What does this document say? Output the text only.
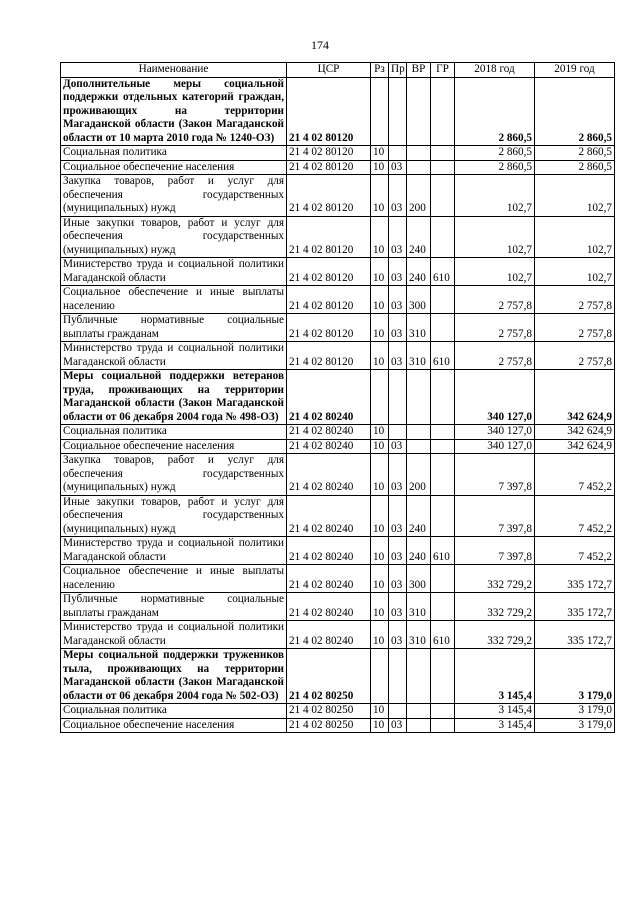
174
Наименование	ЦСР	Рз	Пр	ВР	ГР	2018 год	2019 год
Дополнительные меры социальной поддержки отдельных категорий граждан, проживающих на территории Магаданской области (Закон Магаданской области от 10 марта 2010 года № 1240-ОЗ)	21 4 02 80120					2 860,5	2 860,5
Социальная политика	21 4 02 80120	10				2 860,5	2 860,5
Социальное обеспечение населения	21 4 02 80120	10	03			2 860,5	2 860,5
Закупка товаров, работ и услуг для обеспечения государственных (муниципальных) нужд	21 4 02 80120	10	03	200		102,7	102,7
Иные закупки товаров, работ и услуг для обеспечения государственных (муниципальных) нужд	21 4 02 80120	10	03	240		102,7	102,7
Министерство труда и социальной политики Магаданской области	21 4 02 80120	10	03	240	610	102,7	102,7
Социальное обеспечение и иные выплаты населению	21 4 02 80120	10	03	300		2 757,8	2 757,8
Публичные нормативные социальные выплаты гражданам	21 4 02 80120	10	03	310		2 757,8	2 757,8
Министерство труда и социальной политики Магаданской области	21 4 02 80120	10	03	310	610	2 757,8	2 757,8
Меры социальной поддержки ветеранов труда, проживающих на территории Магаданской области (Закон Магаданской области от 06 декабря 2004 года № 498-ОЗ)	21 4 02 80240					340 127,0	342 624,9
Социальная политика	21 4 02 80240	10				340 127,0	342 624,9
Социальное обеспечение населения	21 4 02 80240	10	03			340 127,0	342 624,9
Закупка товаров, работ и услуг для обеспечения государственных (муниципальных) нужд	21 4 02 80240	10	03	200		7 397,8	7 452,2
Иные закупки товаров, работ и услуг для обеспечения государственных (муниципальных) нужд	21 4 02 80240	10	03	240		7 397,8	7 452,2
Министерство труда и социальной политики Магаданской области	21 4 02 80240	10	03	240	610	7 397,8	7 452,2
Социальное обеспечение и иные выплаты населению	21 4 02 80240	10	03	300		332 729,2	335 172,7
Публичные нормативные социальные выплаты гражданам	21 4 02 80240	10	03	310		332 729,2	335 172,7
Министерство труда и социальной политики Магаданской области	21 4 02 80240	10	03	310	610	332 729,2	335 172,7
Меры социальной поддержки тружеников тыла, проживающих на территории Магаданской области (Закон Магаданской области от 06 декабря 2004 года № 502-ОЗ)	21 4 02 80250					3 145,4	3 179,0
Социальная политика	21 4 02 80250	10				3 145,4	3 179,0
Социальное обеспечение населения	21 4 02 80250	10	03			3 145,4	3 179,0
